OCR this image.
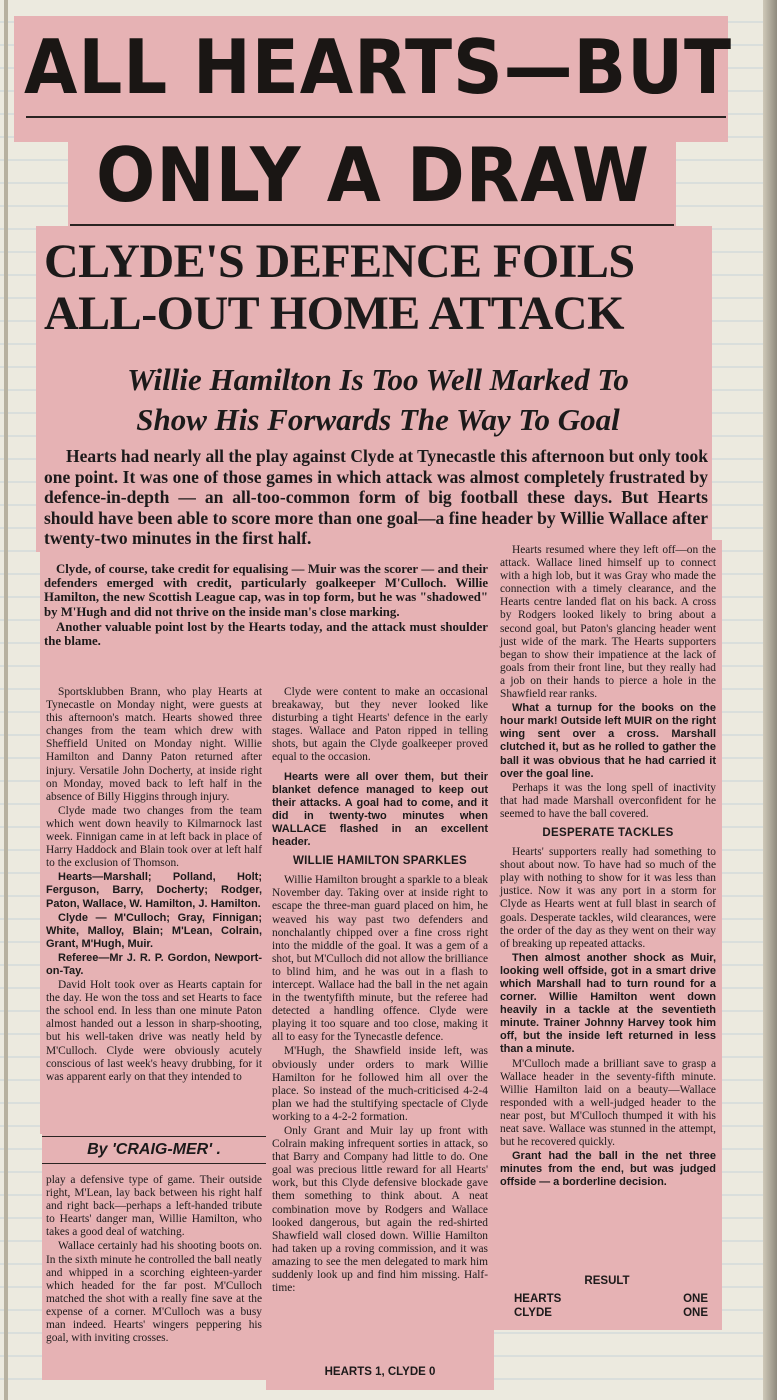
ALL HEARTS—BUT
ONLY A DRAW
CLYDE'S DEFENCE FOILS
ALL-OUT HOME ATTACK
Willie Hamilton Is Too Well Marked To
Show His Forwards The Way To Goal

Hearts had nearly all the play against Clyde at Tynecastle this afternoon but only took one point. It was one of those games in which attack was almost completely frustrated by defence-in-depth — an all-too-common form of big football these days. But Hearts should have been able to score more than one goal—a fine header by Willie Wallace after twenty-two minutes in the first half.

Clyde, of course, take credit for equalising — Muir was the scorer — and their defenders emerged with credit, particularly goalkeeper M'Culloch. Willie Hamilton, the new Scottish League cap, was in top form, but he was "shadowed" by M'Hugh and did not thrive on the inside man's close marking.

Another valuable point lost by the Hearts today, and the attack must shoulder the blame.

Sportsklubben Brann, who play Hearts at Tynecastle on Monday night, were guests at this afternoon's match. Hearts showed three changes from the team which drew with Sheffield United on Monday night. Willie Hamilton and Danny Paton returned after injury. Versatile John Docherty, at inside right on Monday, moved back to left half in the absence of Billy Higgins through injury.

Clyde made two changes from the team which went down heavily to Kilmarnock last week. Finnigan came in at left back in place of Harry Haddock and Blain took over at left half to the exclusion of Thomson.

Hearts—Marshall; Polland, Holt; Ferguson, Barry, Docherty; Rodger, Paton, Wallace, W. Hamilton, J. Hamilton.

Clyde — M'Culloch; Gray, Finnigan; White, Malloy, Blain; M'Lean, Colrain, Grant, M'Hugh, Muir.

Referee—Mr J. R. P. Gordon, Newport-on-Tay.

David Holt took over as Hearts captain for the day. He won the toss and set Hearts to face the school end. In less than one minute Paton almost handed out a lesson in sharp-shooting, but his well-taken drive was neatly held by M'Culloch. Clyde were obviously acutely conscious of last week's heavy drubbing, for it was apparent early on that they intended to

By 'CRAIG-MER' .

play a defensive type of game. Their outside right, M'Lean, lay back between his right half and right back—perhaps a left-handed tribute to Hearts' danger man, Willie Hamilton, who takes a good deal of watching.

Wallace certainly had his shooting boots on. In the sixth minute he controlled the ball neatly and whipped in a scorching eighteen-yarder which headed for the far post. M'Culloch matched the shot with a really fine save at the expense of a corner. M'Culloch was a busy man indeed. Hearts' wingers peppering his goal, with inviting crosses.

Clyde were content to make an occasional breakaway, but they never looked like disturbing a tight Hearts' defence in the early stages. Wallace and Paton ripped in telling shots, but again the Clyde goalkeeper proved equal to the occasion.

Hearts were all over them, but their blanket defence managed to keep out their attacks. A goal had to come, and it did in twenty-two minutes when WALLACE flashed in an excellent header.

WILLIE HAMILTON SPARKLES

Willie Hamilton brought a sparkle to a bleak November day. Taking over at inside right to escape the three-man guard placed on him, he weaved his way past two defenders and nonchalantly chipped over a fine cross right into the middle of the goal. It was a gem of a shot, but M'Culloch did not allow the brilliance to blind him, and he was out in a flash to intercept. Wallace had the ball in the net again in the twentyfifth minute, but the referee had detected a handling offence. Clyde were playing it too square and too close, making it all to easy for the Tynecastle defence.

M'Hugh, the Shawfield inside left, was obviously under orders to mark Willie Hamilton for he followed him all over the place. So instead of the much-criticised 4-2-4 plan we had the stultifying spectacle of Clyde working to a 4-2-2 formation.

Only Grant and Muir lay up front with Colrain making infrequent sorties in attack, so that Barry and Company had little to do. One goal was precious little reward for all Hearts' work, but this Clyde defensive blockade gave them something to think about. A neat combination move by Rodgers and Wallace looked dangerous, but again the red-shirted Shawfield wall closed down. Willie Hamilton had taken up a roving commission, and it was amazing to see the men delegated to mark him suddenly look up and find him missing. Half-time:

HEARTS 1, CLYDE 0

Hearts resumed where they left off—on the attack. Wallace lined himself up to connect with a high lob, but it was Gray who made the connection with a timely clearance, and the Hearts centre landed flat on his back. A cross by Rodgers looked likely to bring about a second goal, but Paton's glancing header went just wide of the mark. The Hearts supporters began to show their impatience at the lack of goals from their front line, but they really had a job on their hands to pierce a hole in the Shawfield rear ranks.

What a turnup for the books on the hour mark! Outside left MUIR on the right wing sent over a cross. Marshall clutched it, but as he rolled to gather the ball it was obvious that he had carried it over the goal line.

Perhaps it was the long spell of inactivity that had made Marshall overconfident for he seemed to have the ball covered.

DESPERATE TACKLES

Hearts' supporters really had something to shout about now. To have had so much of the play with nothing to show for it was less than justice. Now it was any port in a storm for Clyde as Hearts went at full blast in search of goals. Desperate tackles, wild clearances, were the order of the day as they went on their way of breaking up repeated attacks.

Then almost another shock as Muir, looking well offside, got in a smart drive which Marshall had to turn round for a corner. Willie Hamilton went down heavily in a tackle at the seventieth minute. Trainer Johnny Harvey took him off, but the inside left returned in less than a minute.

M'Culloch made a brilliant save to grasp a Wallace header in the seventy-fifth minute. Willie Hamilton laid on a beauty—Wallace responded with a well-judged header to the near post, but M'Culloch thumped it with his neat save. Wallace was stunned in the attempt, but he recovered quickly.

Grant had the ball in the net three minutes from the end, but was judged offside — a borderline decision.

RESULT
HEARTS	ONE
CLYDE	ONE
